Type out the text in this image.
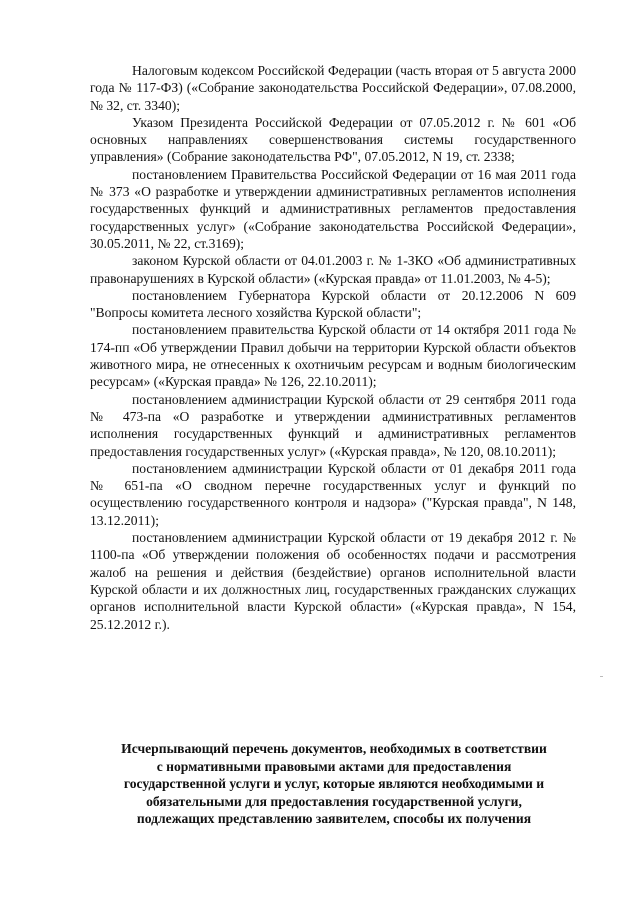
Налоговым кодексом Российской Федерации (часть вторая от 5 августа 2000 года № 117-ФЗ) («Собрание законодательства Российской Федерации», 07.08.2000, № 32, ст. 3340);

Указом Президента Российской Федерации от 07.05.2012 г. № 601 «Об основных направлениях совершенствования системы государственного управления» (Собрание законодательства РФ", 07.05.2012, N 19, ст. 2338;

постановлением Правительства Российской Федерации от 16 мая 2011 года № 373 «О разработке и утверждении административных регламентов исполнения государственных функций и административных регламентов предоставления государственных услуг» («Собрание законодательства Российской Федерации», 30.05.2011, № 22, ст.3169);

законом Курской области от 04.01.2003 г. № 1-ЗКО «Об административных правонарушениях в Курской области» («Курская правда» от 11.01.2003, № 4-5);

постановлением Губернатора Курской области от 20.12.2006 N 609 "Вопросы комитета лесного хозяйства Курской области";

постановлением правительства Курской области от 14 октября 2011 года № 174-пп «Об утверждении Правил добычи на территории Курской области объектов животного мира, не отнесенных к охотничьим ресурсам и водным биологическим ресурсам» («Курская правда» № 126, 22.10.2011);

постановлением администрации Курской области от 29 сентября 2011 года № 473-па «О разработке и утверждении административных регламентов исполнения государственных функций и административных регламентов предоставления государственных услуг» («Курская правда», № 120, 08.10.2011);

постановлением администрации Курской области от 01 декабря 2011 года № 651-па «О сводном перечне государственных услуг и функций по осуществлению государственного контроля и надзора» ("Курская правда", N 148, 13.12.2011);

постановлением администрации Курской области от 19 декабря 2012 г. № 1100-па «Об утверждении положения об особенностях подачи и рассмотрения жалоб на решения и действия (бездействие) органов исполнительной власти Курской области и их должностных лиц, государственных гражданских служащих органов исполнительной власти Курской области» («Курская правда», N 154, 25.12.2012 г.).

Исчерпывающий перечень документов, необходимых в соответствии
с нормативными правовыми актами для предоставления
государственной услуги и услуг, которые являются необходимыми и
обязательными для предоставления государственной услуги,
подлежащих представлению заявителем, способы их получения
